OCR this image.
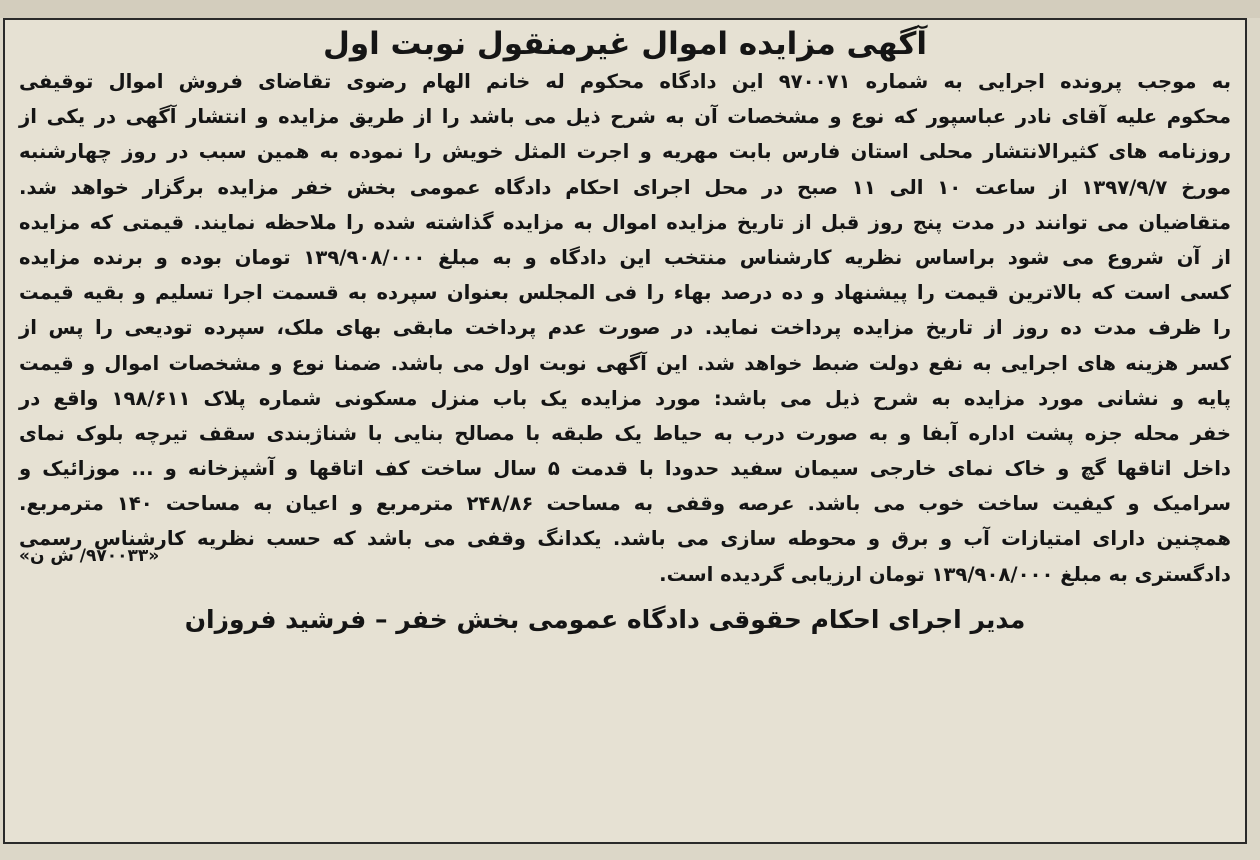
آگهی مزایده اموال غیرمنقول نوبت اول
به موجب پرونده اجرایی به شماره ۹۷۰۰۷۱ این دادگاه محکوم له خانم الهام رضوی تقاضای فروش اموال توقیفی
محکوم علیه آقای نادر عباسپور که نوع و مشخصات آن به شرح ذیل می باشد را از طریق مزایده و انتشار آگهی در یکی از
روزنامه های کثیرالانتشار محلی استان فارس بابت مهریه و اجرت المثل خویش را نموده به همین سبب در روز چهارشنبه
مورخ ۱۳۹۷/۹/۷ از ساعت ۱۰ الی ۱۱ صبح در محل اجرای احکام دادگاه عمومی بخش خفر مزایده برگزار خواهد شد.
متقاضیان می توانند در مدت پنج روز قبل از تاریخ مزایده اموال به مزایده گذاشته شده را ملاحظه نمایند. قیمتی که مزایده
از آن شروع می شود براساس نظریه کارشناس منتخب این دادگاه و به مبلغ ۱۳۹/۹۰۸/۰۰۰ تومان بوده و برنده مزایده
کسی است که بالاترین قیمت را پیشنهاد و ده درصد بهاء را فی المجلس بعنوان سپرده به قسمت اجرا تسلیم و بقیه قیمت
را ظرف مدت ده روز از تاریخ مزایده پرداخت نماید. در صورت عدم پرداخت مابقی بهای ملک، سپرده تودیعی را پس از
کسر هزینه های اجرایی به نفع دولت ضبط خواهد شد. این آگهی نوبت اول می باشد. ضمنا نوع و مشخصات اموال و قیمت
پایه و نشانی مورد مزایده به شرح ذیل می باشد: مورد مزایده یک باب منزل مسکونی شماره پلاک ۱۹۸/۶۱۱ واقع در
خفر محله جزه پشت اداره آبفا و به صورت درب به حیاط یک طبقه با مصالح بنایی با شناژبندی سقف تیرچه بلوک نمای
داخل اتاقها گچ و خاک نمای خارجی سیمان سفید حدودا با قدمت ۵ سال ساخت کف اتاقها و آشپزخانه و ... موزائیک و
سرامیک و کیفیت ساخت خوب می باشد. عرصه وقفی به مساحت ۲۴۸/۸۶ مترمربع و اعیان به مساحت ۱۴۰ مترمربع.
همچنین دارای امتیازات آب و برق و محوطه سازی می باشد. یکدانگ وقفی می باشد که حسب نظریه کارشناس رسمی
دادگستری به مبلغ ۱۳۹/۹۰۸/۰۰۰ تومان ارزیابی گردیده است.
«۹۷۰۰۳۳/ ش ن»
مدیر اجرای احکام حقوقی دادگاه عمومی بخش خفر – فرشید فروزان
